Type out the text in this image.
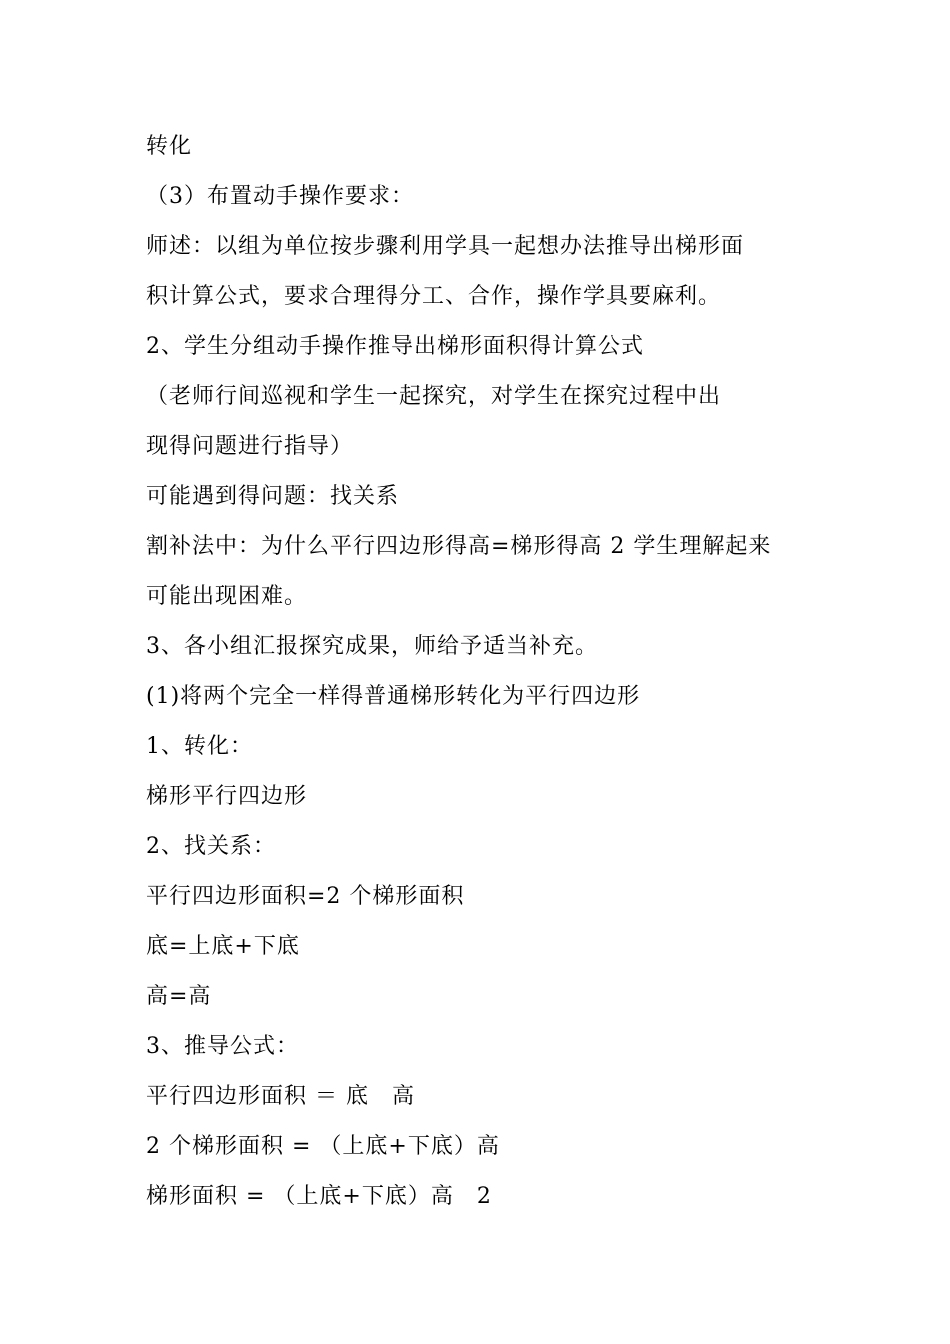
转化

（3）布置动手操作要求：

师述：以组为单位按步骤利用学具一起想办法推导出梯形面

积计算公式，要求合理得分工、合作，操作学具要麻利。

2、学生分组动手操作推导出梯形面积得计算公式

（老师行间巡视和学生一起探究，对学生在探究过程中出

现得问题进行指导）

可能遇到得问题：找关系

割补法中：为什么平行四边形得高=梯形得高 2 学生理解起来

可能出现困难。

3、各小组汇报探究成果，师给予适当补充。

(1)将两个完全一样得普通梯形转化为平行四边形

1、转化：

梯形平行四边形

2、找关系：

平行四边形面积=2 个梯形面积

底=上底+下底

高=高

3、推导公式：

平行四边形面积 ＝ 底　高

2 个梯形面积 = （上底+下底）高

梯形面积 = （上底+下底）高　2
